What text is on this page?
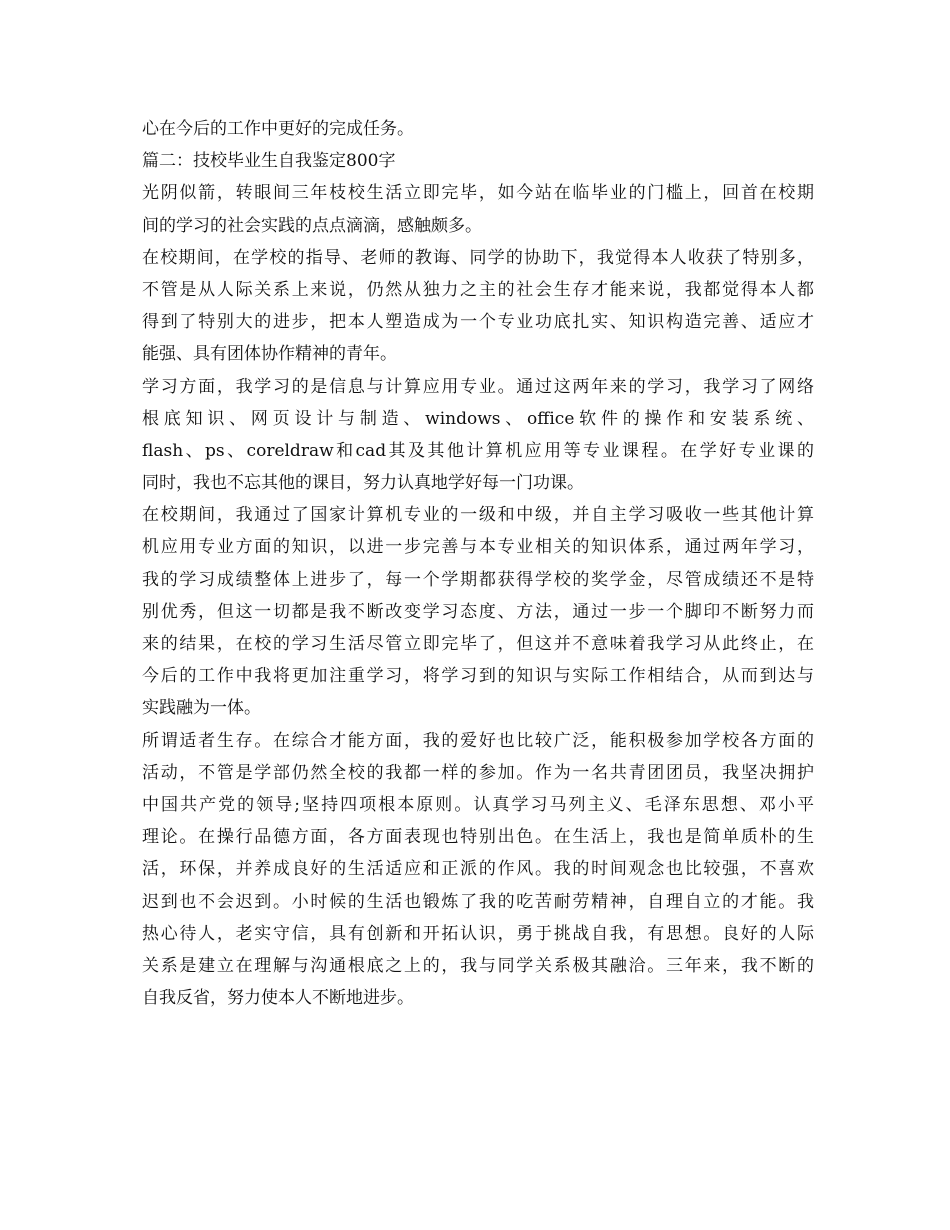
心在今后的工作中更好的完成任务。
篇二：技校毕业生自我鉴定800字
光阴似箭，转眼间三年枝校生活立即完毕，如今站在临毕业的门槛上，回首在校期
间的学习的社会实践的点点滴滴，感触颇多。
在校期间，在学校的指导、老师的教诲、同学的协助下，我觉得本人收获了特别多，
不管是从人际关系上来说，仍然从独力之主的社会生存才能来说，我都觉得本人都
得到了特别大的进步，把本人塑造成为一个专业功底扎实、知识构造完善、适应才
能强、具有团体协作精神的青年。
学习方面，我学习的是信息与计算应用专业。通过这两年来的学习，我学习了网络
根底知识、网页设计与制造、windows、office软件的操作和安装系统、
flash、ps、coreldraw和cad其及其他计算机应用等专业课程。在学好专业课的
同时，我也不忘其他的课目，努力认真地学好每一门功课。
在校期间，我通过了国家计算机专业的一级和中级，并自主学习吸收一些其他计算
机应用专业方面的知识，以进一步完善与本专业相关的知识体系，通过两年学习，
我的学习成绩整体上进步了，每一个学期都获得学校的奖学金，尽管成绩还不是特
别优秀，但这一切都是我不断改变学习态度、方法，通过一步一个脚印不断努力而
来的结果，在校的学习生活尽管立即完毕了，但这并不意味着我学习从此终止，在
今后的工作中我将更加注重学习，将学习到的知识与实际工作相结合，从而到达与
实践融为一体。
所谓适者生存。在综合才能方面，我的爱好也比较广泛，能积极参加学校各方面的
活动，不管是学部仍然全校的我都一样的参加。作为一名共青团团员，我坚决拥护
中国共产党的领导;坚持四项根本原则。认真学习马列主义、毛泽东思想、邓小平
理论。在操行品德方面，各方面表现也特别出色。在生活上，我也是简单质朴的生
活，环保，并养成良好的生活适应和正派的作风。我的时间观念也比较强，不喜欢
迟到也不会迟到。小时候的生活也锻炼了我的吃苦耐劳精神，自理自立的才能。我
热心待人，老实守信，具有创新和开拓认识，勇于挑战自我，有思想。良好的人际
关系是建立在理解与沟通根底之上的，我与同学关系极其融洽。三年来，我不断的
自我反省，努力使本人不断地进步。
